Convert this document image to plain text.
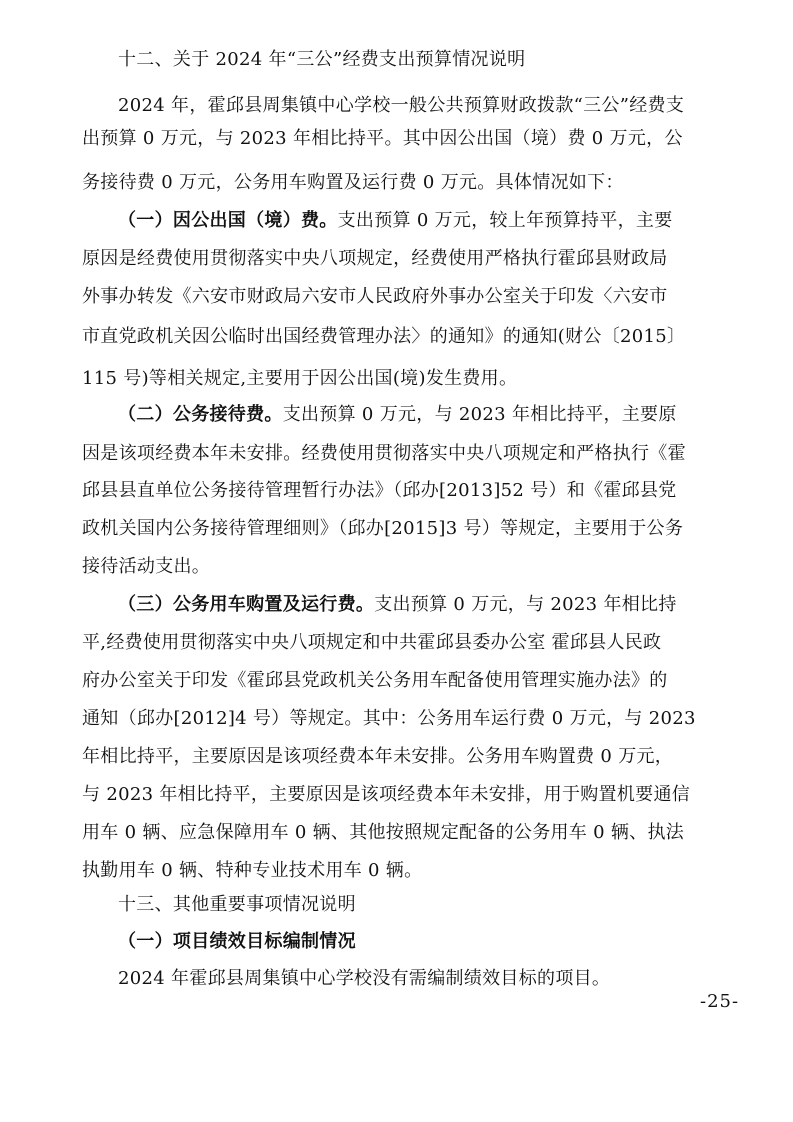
十二、关于 2024 年“三公”经费支出预算情况说明

2024 年，霍邱县周集镇中心学校一般公共预算财政拨款“三公”经费支

出预算 0 万元，与 2023 年相比持平。其中因公出国（境）费 0 万元，公

务接待费 0 万元，公务用车购置及运行费 0 万元。具体情况如下：

（一）因公出国（境）费。支出预算 0 万元，较上年预算持平，主要

原因是经费使用贯彻落实中央八项规定，经费使用严格执行霍邱县财政局

外事办转发《六安市财政局六安市人民政府外事办公室关于印发〈六安市

市直党政机关因公临时出国经费管理办法〉的通知》的通知(财公〔2015〕

115 号)等相关规定,主要用于因公出国(境)发生费用。

（二）公务接待费。支出预算 0 万元，与 2023 年相比持平，主要原

因是该项经费本年未安排。经费使用贯彻落实中央八项规定和严格执行《霍

邱县县直单位公务接待管理暂行办法》（邱办[2013]52 号）和《霍邱县党

政机关国内公务接待管理细则》（邱办[2015]3 号）等规定，主要用于公务

接待活动支出。

（三）公务用车购置及运行费。支出预算 0 万元，与 2023 年相比持

平,经费使用贯彻落实中央八项规定和中共霍邱县委办公室 霍邱县人民政

府办公室关于印发《霍邱县党政机关公务用车配备使用管理实施办法》的

通知（邱办[2012]4 号）等规定。其中：公务用车运行费 0 万元，与 2023

年相比持平，主要原因是该项经费本年未安排。公务用车购置费 0 万元，

与 2023 年相比持平，主要原因是该项经费本年未安排，用于购置机要通信

用车 0 辆、应急保障用车 0 辆、其他按照规定配备的公务用车 0 辆、执法

执勤用车 0 辆、特种专业技术用车 0 辆。

十三、其他重要事项情况说明

（一）项目绩效目标编制情况

2024 年霍邱县周集镇中心学校没有需编制绩效目标的项目。

-25-
